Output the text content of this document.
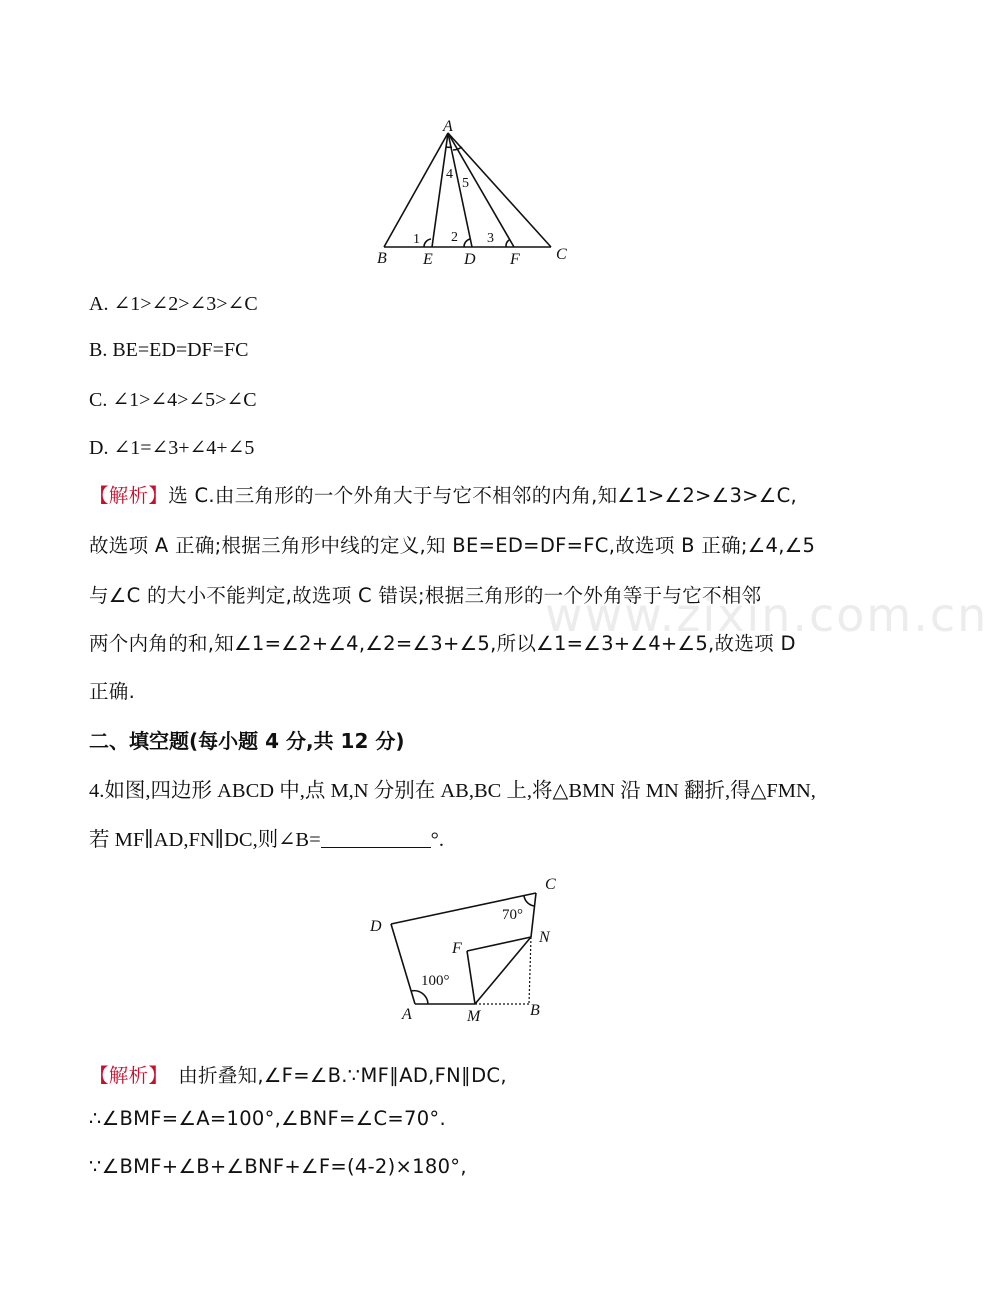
A
B E D F C
1 2 3
4
5
A. ∠1>∠2>∠3>∠C
B. BE=ED=DF=FC
C. ∠1>∠4>∠5>∠C
D. ∠1=∠3+∠4+∠5
【解析】选 C.由三角形的一个外角大于与它不相邻的内角,知∠1>∠2>∠3>∠C,
故选项 A 正确;根据三角形中线的定义,知 BE=ED=DF=FC,故选项 B 正确;∠4,∠5
与∠C 的大小不能判定,故选项 C 错误;根据三角形的一个外角等于与它不相邻
两个内角的和,知∠1=∠2+∠4,∠2=∠3+∠5,所以∠1=∠3+∠4+∠5,故选项 D
正确.
www.zixin.com.cn
二、填空题(每小题 4 分,共 12 分)
4.如图,四边形 ABCD 中,点 M,N 分别在 AB,BC 上,将△BMN 沿 MN 翻折,得△FMN,
若 MF∥AD,FN∥DC,则∠B=	°.
C
D
N
F
A	M	B
70°
100°
【解析】 由折叠知,∠F=∠B.∵MF∥AD,FN∥DC,
∴∠BMF=∠A=100°,∠BNF=∠C=70°.
∵∠BMF+∠B+∠BNF+∠F=(4-2)×180°,
